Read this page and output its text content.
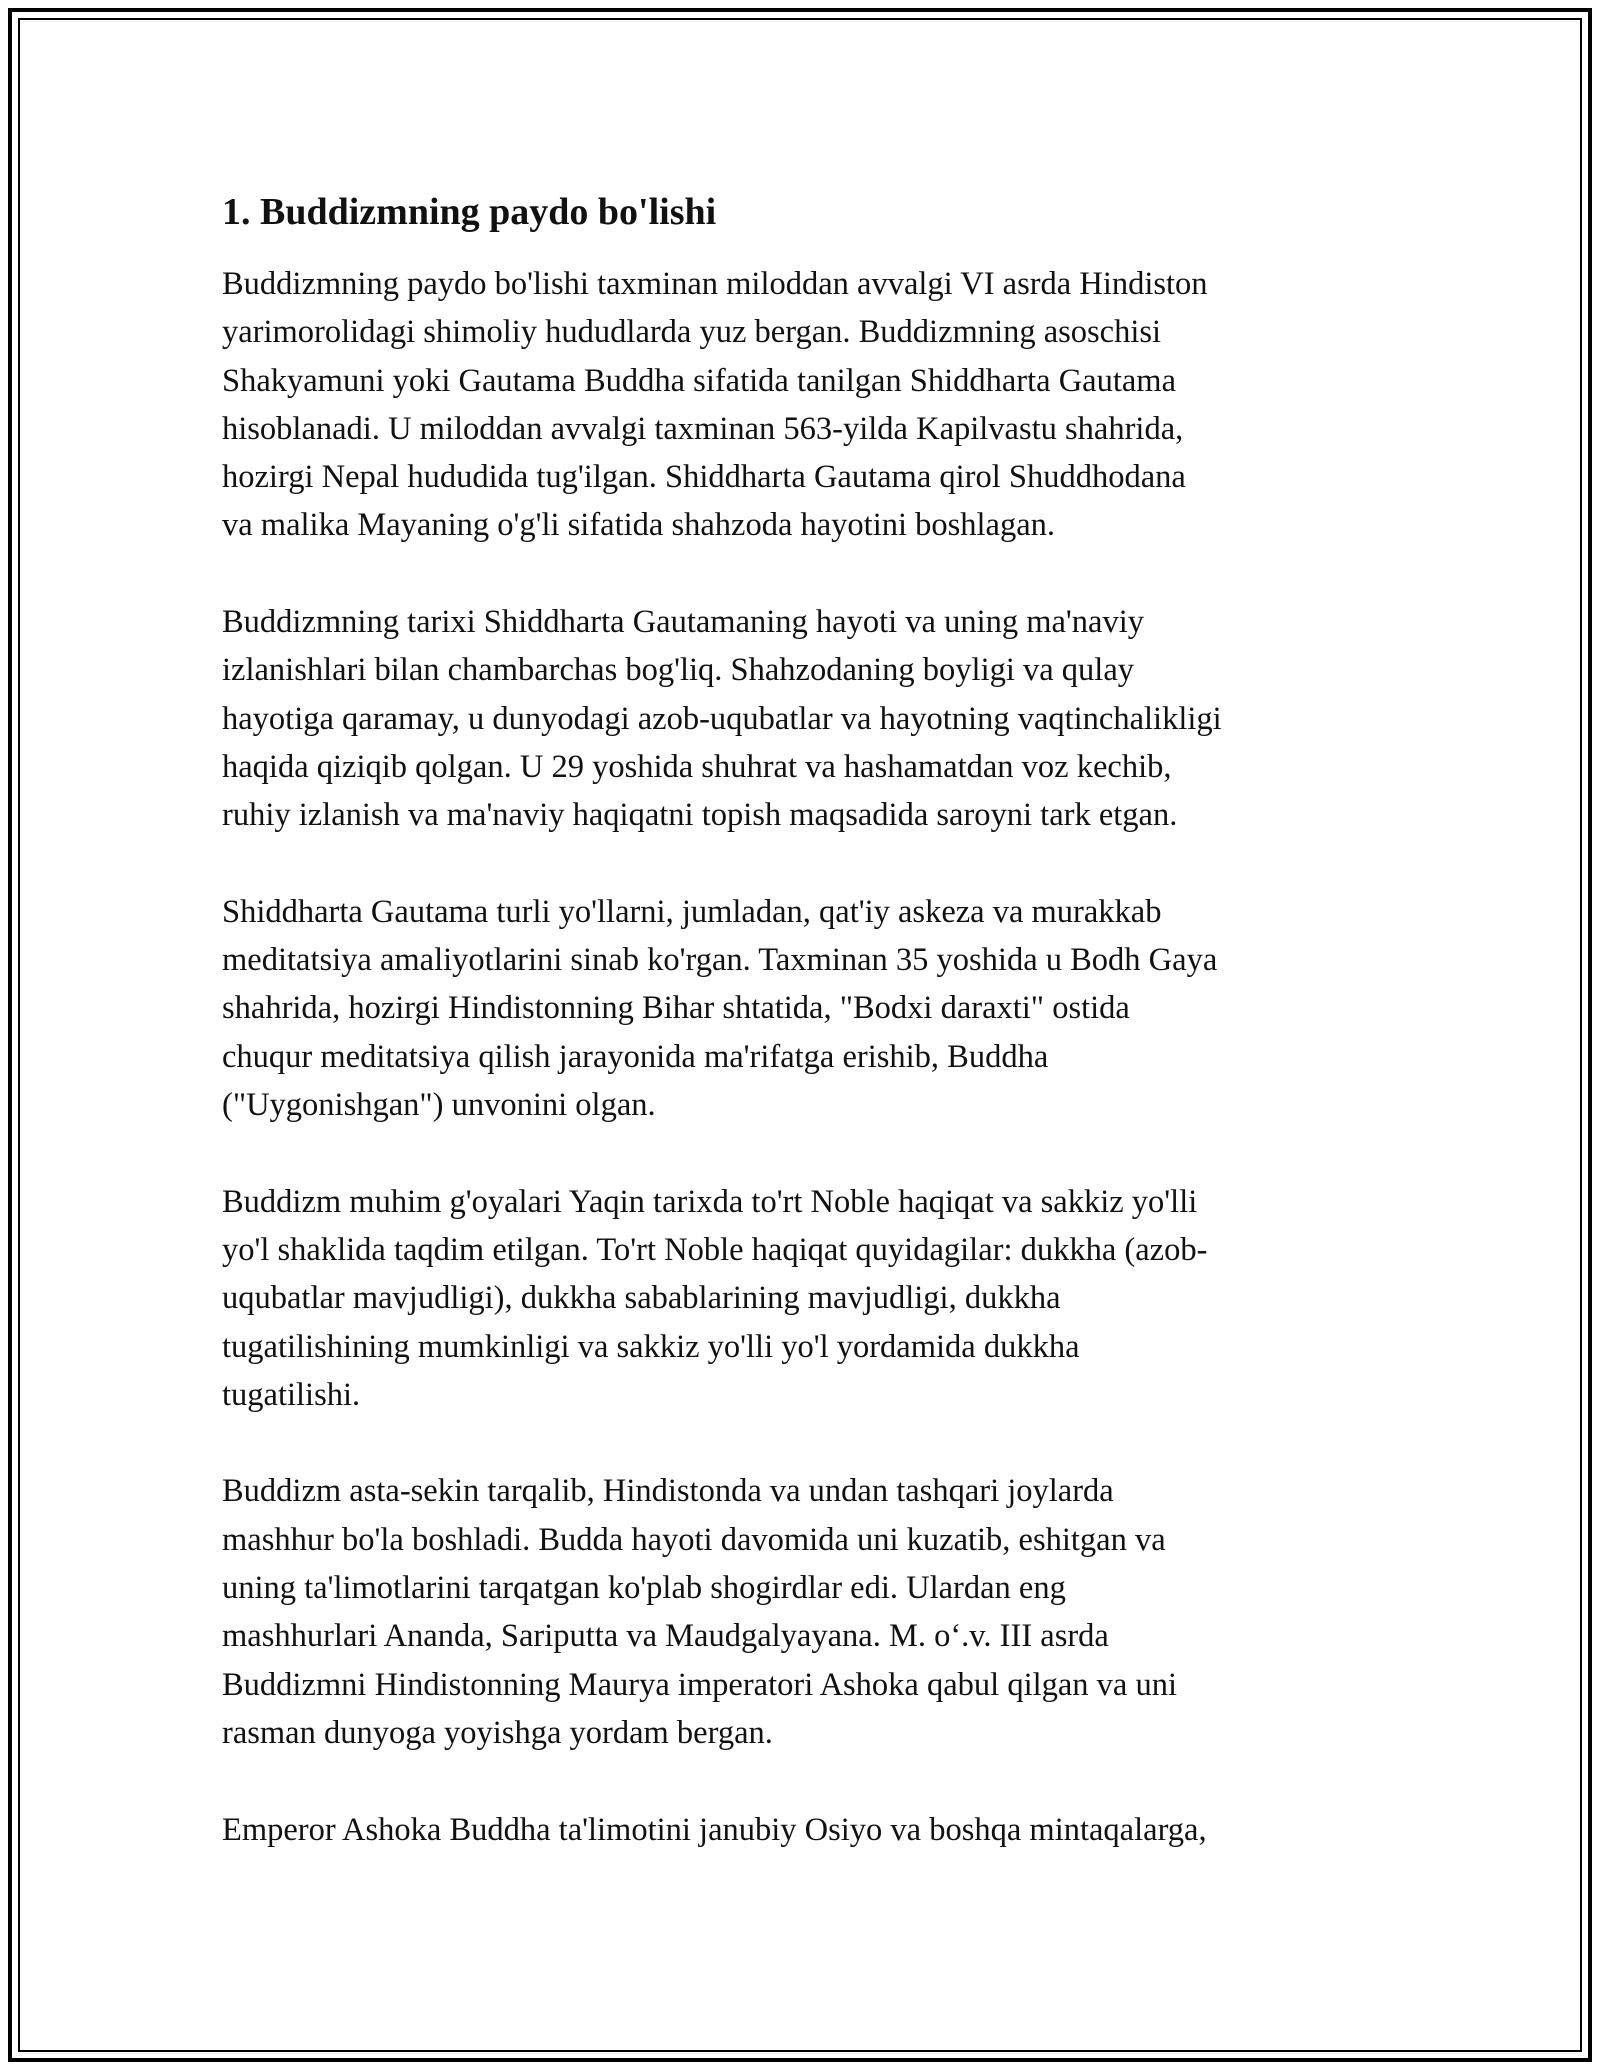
1. Buddizmning paydo bo'lishi
Buddizmning paydo bo'lishi taxminan miloddan avvalgi VI asrda Hindiston
yarimorolidagi shimoliy hududlarda yuz bergan. Buddizmning asoschisi
Shakyamuni yoki Gautama Buddha sifatida tanilgan Shiddharta Gautama
hisoblanadi. U miloddan avvalgi taxminan 563-yilda Kapilvastu shahrida,
hozirgi Nepal hududida tug'ilgan. Shiddharta Gautama qirol Shuddhodana
va malika Mayaning o'g'li sifatida shahzoda hayotini boshlagan.
Buddizmning tarixi Shiddharta Gautamaning hayoti va uning ma'naviy
izlanishlari bilan chambarchas bog'liq. Shahzodaning boyligi va qulay
hayotiga qaramay, u dunyodagi azob-uqubatlar va hayotning vaqtinchalikligi
haqida qiziqib qolgan. U 29 yoshida shuhrat va hashamatdan voz kechib,
ruhiy izlanish va ma'naviy haqiqatni topish maqsadida saroyni tark etgan.
Shiddharta Gautama turli yo'llarni, jumladan, qat'iy askeza va murakkab
meditatsiya amaliyotlarini sinab ko'rgan. Taxminan 35 yoshida u Bodh Gaya
shahrida, hozirgi Hindistonning Bihar shtatida, "Bodxi daraxti" ostida
chuqur meditatsiya qilish jarayonida ma'rifatga erishib, Buddha
("Uygonishgan") unvonini olgan.
Buddizm muhim g'oyalari Yaqin tarixda to'rt Noble haqiqat va sakkiz yo'lli
yo'l shaklida taqdim etilgan. To'rt Noble haqiqat quyidagilar: dukkha (azob-
uqubatlar mavjudligi), dukkha sabablarining mavjudligi, dukkha
tugatilishining mumkinligi va sakkiz yo'lli yo'l yordamida dukkha
tugatilishi.
Buddizm asta-sekin tarqalib, Hindistonda va undan tashqari joylarda
mashhur bo'la boshladi. Budda hayoti davomida uni kuzatib, eshitgan va
uning ta'limotlarini tarqatgan ko'plab shogirdlar edi. Ulardan eng
mashhurlari Ananda, Sariputta va Maudgalyayana. M. o‘.v. III asrda
Buddizmni Hindistonning Maurya imperatori Ashoka qabul qilgan va uni
rasman dunyoga yoyishga yordam bergan.
Emperor Ashoka Buddha ta'limotini janubiy Osiyo va boshqa mintaqalarga,
